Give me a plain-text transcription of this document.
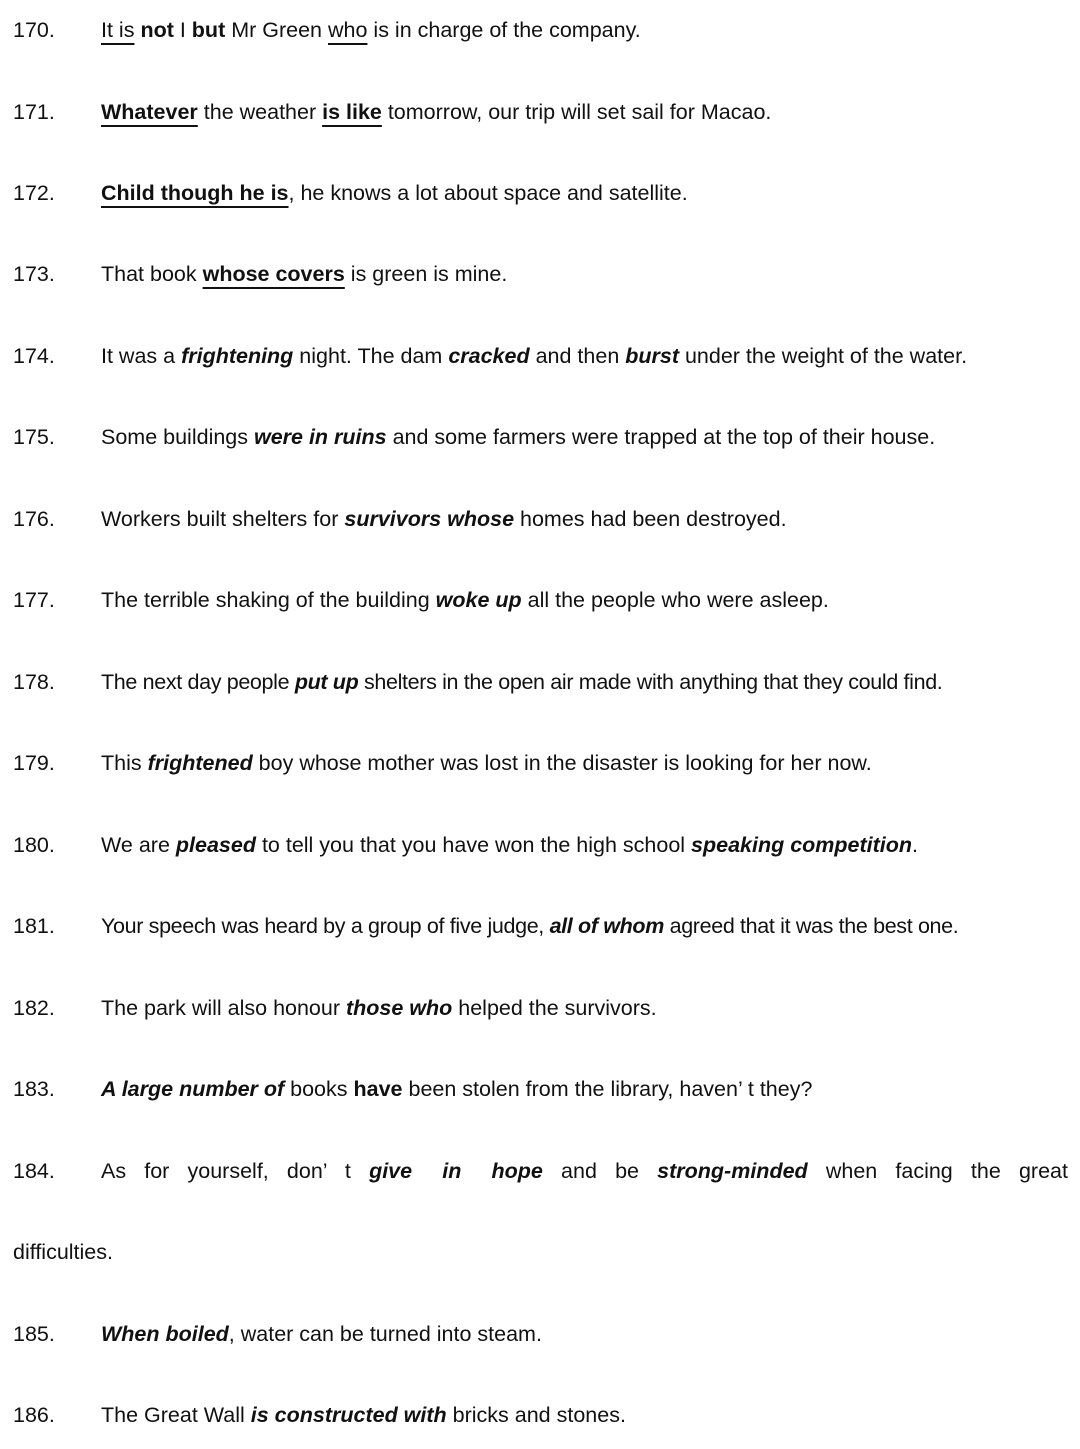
170. It is not I but Mr Green who is in charge of the company.
171. Whatever the weather is like tomorrow, our trip will set sail for Macao.
172. Child though he is, he knows a lot about space and satellite.
173. That book whose covers is green is mine.
174. It was a frightening night. The dam cracked and then burst under the weight of the water.
175. Some buildings were in ruins and some farmers were trapped at the top of their house.
176. Workers built shelters for survivors whose homes had been destroyed.
177. The terrible shaking of the building woke up all the people who were asleep.
178. The next day people put up shelters in the open air made with anything that they could find.
179. This frightened boy whose mother was lost in the disaster is looking for her now.
180. We are pleased to tell you that you have won the high school speaking competition.
181. Your speech was heard by a group of five judge, all of whom agreed that it was the best one.
182. The park will also honour those who helped the survivors.
183. A large number of books have been stolen from the library, haven’ t they?
184. As for yourself, don’ t give in hope and be strong-minded when facing the great
difficulties.
185. When boiled, water can be turned into steam.
186. The Great Wall is constructed with bricks and stones.
